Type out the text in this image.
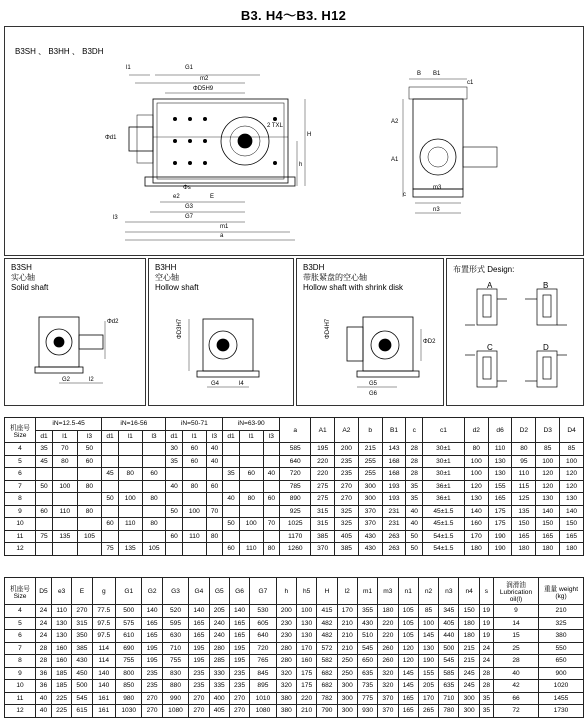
B3. H4～B3. H12
B3SH 、 B3HH 、 B3DH
l1	G1
m2
ΦD5H9
Φd1
e2
Φs
E
G3
G7
m1
a
l3
h
H
2 TXL
B B1
c1
A2
A1
m3
n3
c
B3SH
实心轴
Solid shaft
Φd2
G2	l2
B3HH
空心轴
Hollow shaft
ΦD3H7
G4	l4
B3DH
带胀紧盘的空心轴
Hollow shaft with shrink disk
ΦD4H7
ΦD2
G5
G6
布置形式 Design:
A	B
C	D
机座号 Size	iN=12.5-45			iN=16-56			iN=50-71			iN=63-90			a	A1	A2	b	B1	c	c1	d2	d6	D2	D3	D4
	d1	l1	l3	d1	l1	l3	d1	l1	l3	d1	l1	l3												
4	35	70	50				30	60	40				585	195	200	215	143	28	30±1	80	110	80	85	85
5	45	80	60				35	60	40				640	220	235	255	168	28	30±1	100	130	95	100	100
6				45	80	60				35	60	40	720	220	235	255	168	28	30±1	100	130	110	120	120
7	50	100	80				40	80	60				785	275	270	300	193	35	36±1	120	155	115	120	120
8				50	100	80				40	80	60	890	275	270	300	193	35	36±1	130	165	125	130	130
9	60	110	80				50	100	70				925	315	325	370	231	40	45±1.5	140	175	135	140	140
10				60	110	80				50	100	70	1025	315	325	370	231	40	45±1.5	160	175	150	150	150
11	75	135	105				60	110	80				1170	385	405	430	263	50	54±1.5	170	190	165	165	165
12				75	135	105				60	110	80	1260	370	385	430	263	50	54±1.5	180	190	180	180	180
机座号 Size	D5	e3	E	g	G1	G2	G3	G4	G5	G6	G7	h	h5	H	l2	m1	m3	n1	n2	n3	n4	s	润滑油 Lubrication oil(l)	重量 weight (kg)
4	24	110	270	77.5	500	140	520	140	205	140	530	200	100	415	170	355	180	105	85	345	150	19	9	210
5	24	130	315	97.5	575	165	595	165	240	165	605	230	130	482	210	430	220	105	100	405	180	19	14	325
6	24	130	350	97.5	610	165	630	165	240	165	640	230	130	482	210	510	220	105	145	440	180	19	15	380
7	28	160	385	114	690	195	710	195	280	195	720	280	170	572	210	545	260	120	130	500	215	24	25	550
8	28	160	430	114	755	195	755	195	285	195	765	280	160	582	250	650	260	120	190	545	215	24	28	650
9	36	185	450	140	800	235	830	235	330	235	845	320	175	682	250	635	320	145	155	585	245	28	40	900
10	36	185	500	140	850	235	880	235	335	235	895	320	175	682	300	735	320	145	205	635	245	28	42	1020
11	40	225	545	161	980	270	990	270	400	270	1010	380	220	782	300	775	370	165	170	710	300	35	66	1455
12	40	225	615	161	1030	270	1080	270	405	270	1080	380	210	790	300	930	370	165	265	780	300	35	72	1730
